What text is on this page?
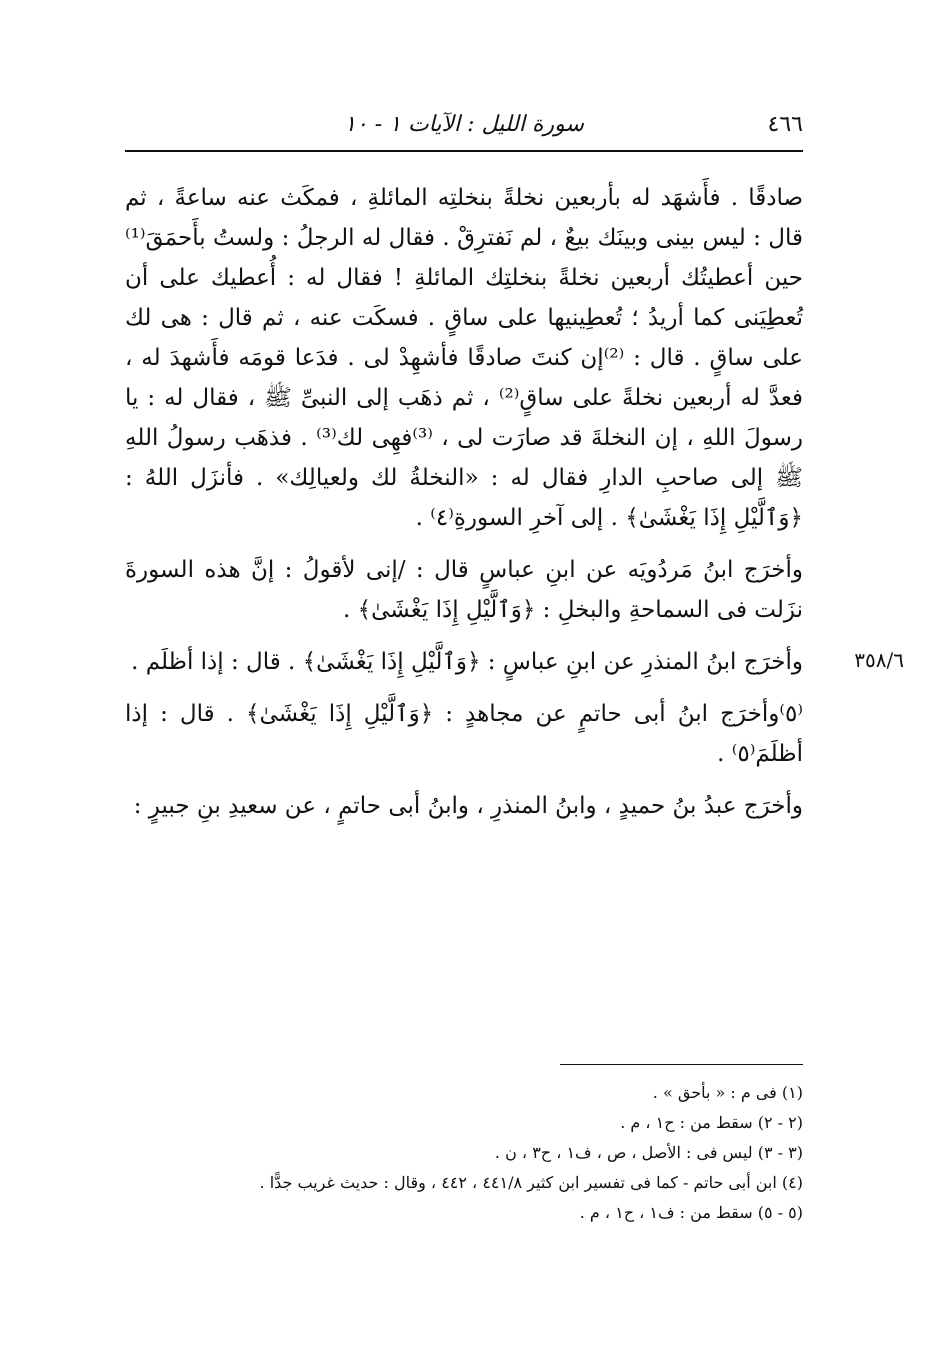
٤٦٦
سورة الليل : الآيات ١ - ١٠
٣٥٨/٦

صادقًا . فأَشهَد له بأربعين نخلةً بنخلتِه المائلةِ ، فمكَث عنه ساعةً ، ثم قال : ليس بينى وبينَك بيعٌ ، لم نَفترِقْ . فقال له الرجلُ : ولستُ بأَحمَقَ⁽¹⁾ حين أعطيتُك أربعين نخلةً بنخلتِك المائلةِ ! فقال له : أُعطيك على أن تُعطِيَنى كما أريدُ ؛ تُعطِينيها على ساقٍ . فسكَت عنه ، ثم قال : هى لك على ساقٍ . قال : ⁽²⁾إن كنتَ صادقًا فأشهِدْ لى . فدَعا قومَه فأَشهدَ له ، فعدَّ له أربعين نخلةً على ساقٍ⁽²⁾ ، ثم ذهَب إلى النبىِّ ﷺ ، فقال له : يا رسولَ اللهِ ، إن النخلةَ قد صارَت لى ، ⁽³⁾فهِى لك⁽³⁾ . فذهَب رسولُ اللهِ ﷺ إلى صاحبِ الدارِ فقال له : «النخلةُ لك ولعيالِك» . فأنزَل اللهُ : ﴿وَٱلَّيْلِ إِذَا يَغْشَىٰ﴾ . إلى آخرِ السورةِ⁽٤⁾ .

وأخرَج ابنُ مَردُويَه عن ابنِ عباسٍ قال : /إنى لأقولُ : إنَّ هذه السورةَ نزَلت فى السماحةِ والبخلِ : ﴿وَٱلَّيْلِ إِذَا يَغْشَىٰ﴾ .

وأخرَج ابنُ المنذرِ عن ابنِ عباسٍ : ﴿وَٱلَّيْلِ إِذَا يَغْشَىٰ﴾ . قال : إذا أظلَم .

⁽٥⁾وأخرَج ابنُ أبى حاتمٍ عن مجاهدٍ : ﴿وَٱلَّيْلِ إِذَا يَغْشَىٰ﴾ . قال : إذا أظلَمَ⁽٥⁾ .

وأخرَج عبدُ بنُ حميدٍ ، وابنُ المنذرِ ، وابنُ أبى حاتمٍ ، عن سعيدِ بنِ جبيرٍ :

(١) فى م : « بأحق » .

(٢ - ٢) سقط من : ح١ ، م .

(٣ - ٣) ليس فى : الأصل ، ص ، ف١ ، ح٣ ، ن .

(٤) ابن أبى حاتم - كما فى تفسير ابن كثير ٤٤١/٨ ، ٤٤٢ ، وقال : حديث غريب جدًّا .

(٥ - ٥) سقط من : ف١ ، ح١ ، م .
